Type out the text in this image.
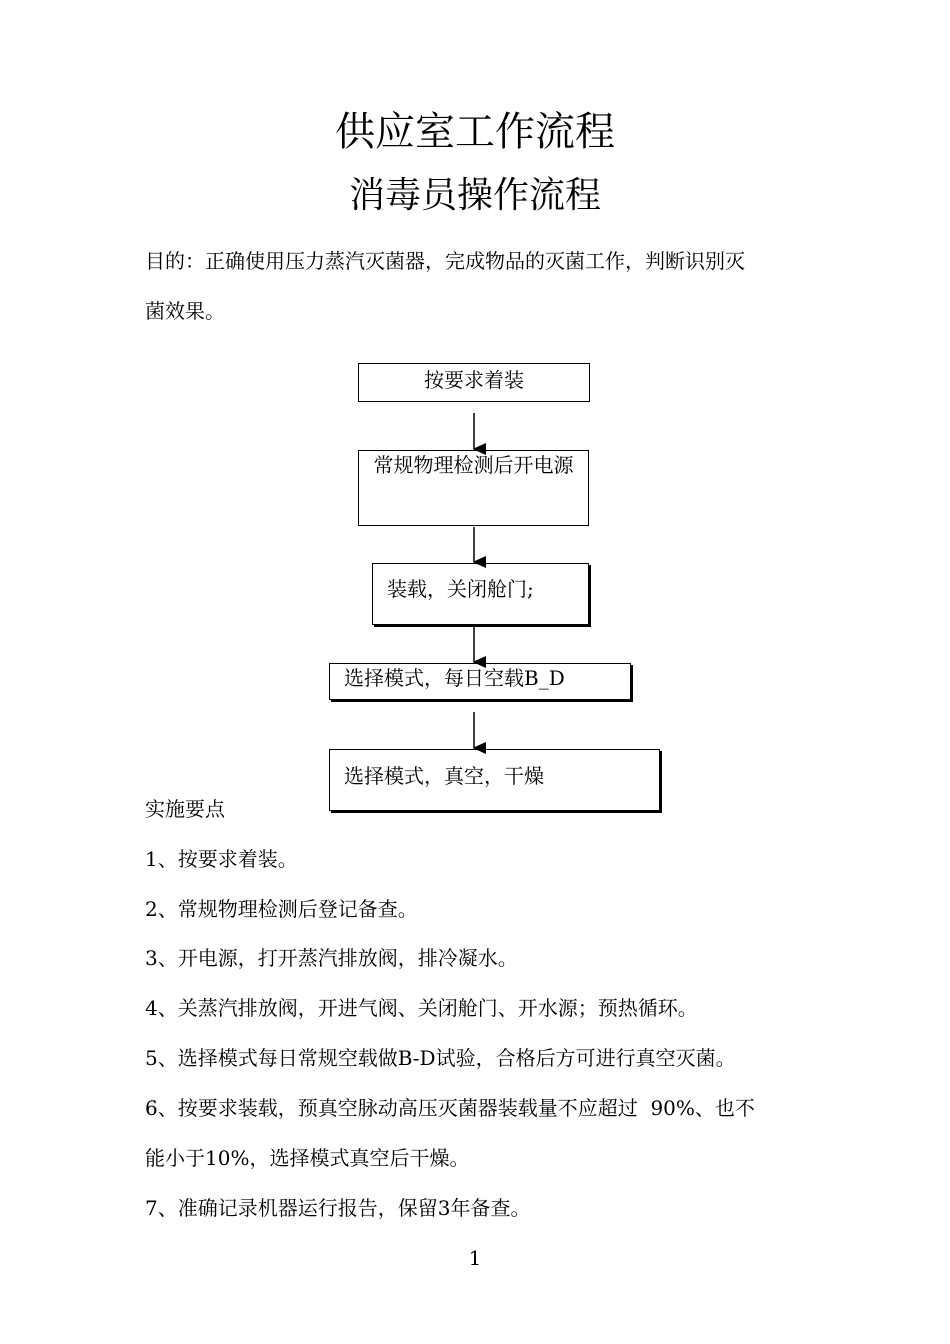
供应室工作流程
消毒员操作流程
目的：正确使用压力蒸汽灭菌器，完成物品的灭菌工作，判断识别灭
菌效果。
按要求着装
常规物理检测后开电源
装载，关闭舱门;
选择模式，每日空载B_D
选择模式，真空，干燥
实施要点
1、按要求着装。
2、常规物理检测后登记备查。
3、开电源，打开蒸汽排放阀，排冷凝水。
4、关蒸汽排放阀，开进气阀、关闭舱门、开水源；预热循环。
5、选择模式每日常规空载做B-D试验，合格后方可进行真空灭菌。
6、按要求装载，预真空脉动高压灭菌器装载量不应超过  90%、也不
能小于10%，选择模式真空后干燥。
7、准确记录机器运行报告，保留3年备查。
1
